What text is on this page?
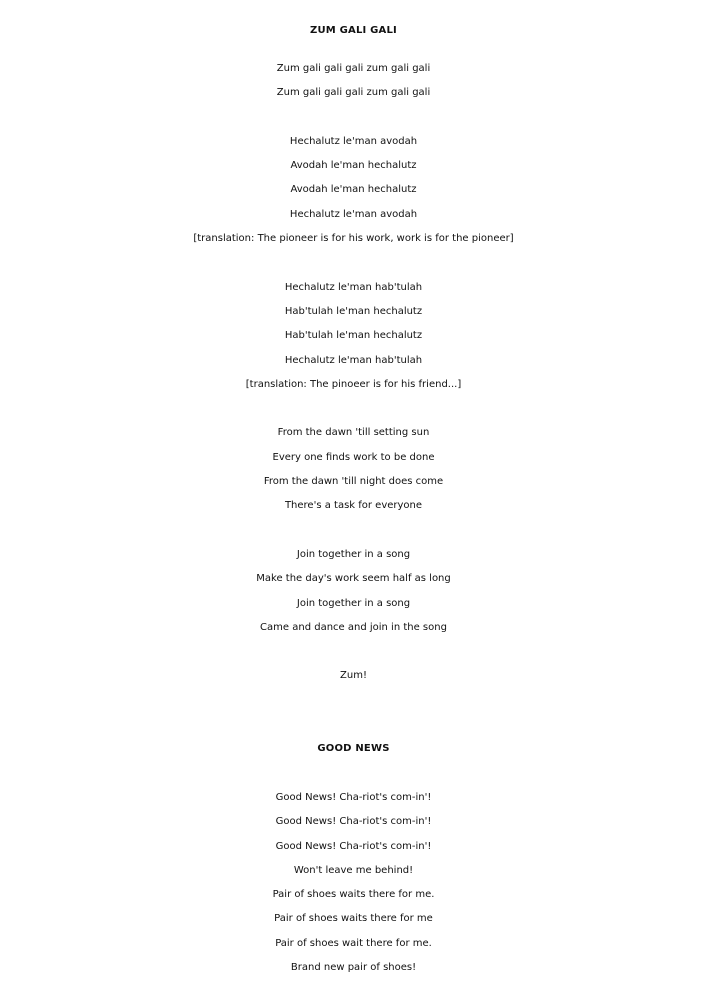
ZUM GALI GALI
Zum gali gali gali zum gali gali
Zum gali gali gali zum gali gali
Hechalutz le'man avodah
Avodah le'man hechalutz
Avodah le'man hechalutz
Hechalutz le'man avodah
[translation: The pioneer is for his work, work is for the pioneer]
Hechalutz le'man hab'tulah
Hab'tulah le'man hechalutz
Hab'tulah le'man hechalutz
Hechalutz le'man hab'tulah
[translation: The pinoeer is for his friend...]
From the dawn 'till setting sun
Every one finds work to be done
From the dawn 'till night does come
There's a task for everyone
Join together in a song
Make the day's work seem half as long
Join together in a song
Came and dance and join in the song
Zum!
GOOD NEWS
Good News! Cha-riot's com-in'!
Good News! Cha-riot's com-in'!
Good News! Cha-riot's com-in'!
Won't leave me behind!
Pair of shoes waits there for me.
Pair of shoes waits there for me
Pair of shoes wait there for me.
Brand new pair of shoes!
